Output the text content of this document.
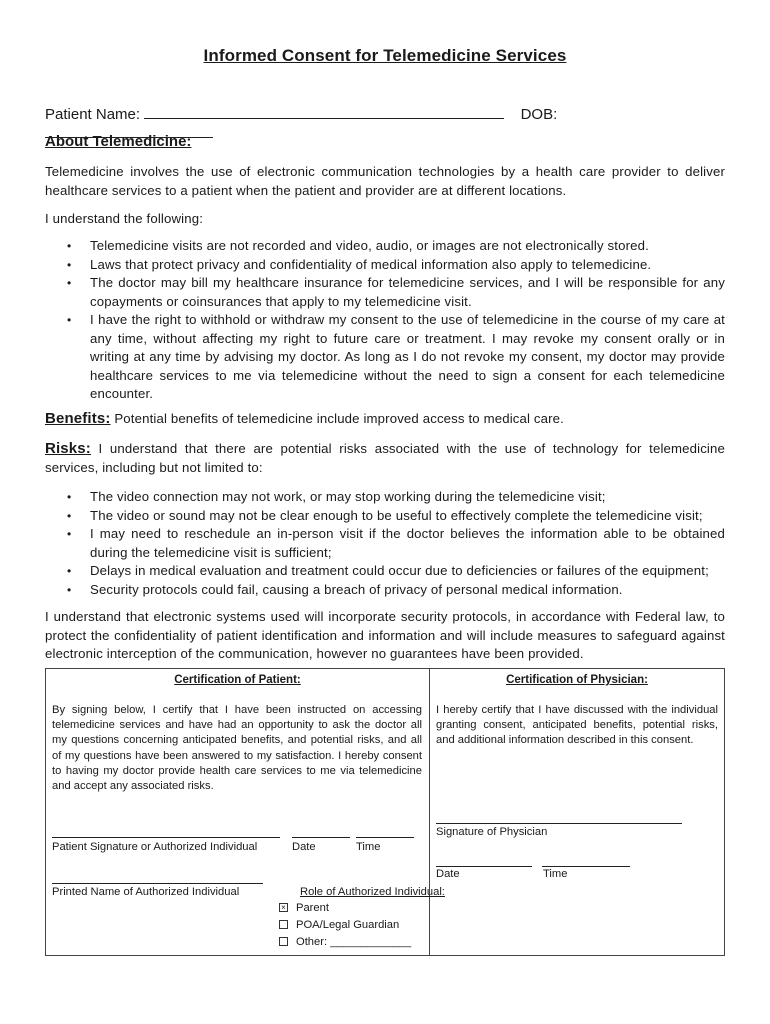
Informed Consent for Telemedicine Services
Patient Name:	DOB:
About Telemedicine:
Telemedicine involves the use of electronic communication technologies by a health care provider to deliver healthcare services to a patient when the patient and provider are at different locations.
I understand the following:
• Telemedicine visits are not recorded and video, audio, or images are not electronically stored.
• Laws that protect privacy and confidentiality of medical information also apply to telemedicine.
• The doctor may bill my healthcare insurance for telemedicine services, and I will be responsible for any copayments or coinsurances that apply to my telemedicine visit.
• I have the right to withhold or withdraw my consent to the use of telemedicine in the course of my care at any time, without affecting my right to future care or treatment. I may revoke my consent orally or in writing at any time by advising my doctor. As long as I do not revoke my consent, my doctor may provide healthcare services to me via telemedicine without the need to sign a consent for each telemedicine encounter.
Benefits: Potential benefits of telemedicine include improved access to medical care.
Risks: I understand that there are potential risks associated with the use of technology for telemedicine services, including but not limited to:
• The video connection may not work, or may stop working during the telemedicine visit;
• The video or sound may not be clear enough to be useful to effectively complete the telemedicine visit;
• I may need to reschedule an in-person visit if the doctor believes the information able to be obtained during the telemedicine visit is sufficient;
• Delays in medical evaluation and treatment could occur due to deficiencies or failures of the equipment;
• Security protocols could fail, causing a breach of privacy of personal medical information.
I understand that electronic systems used will incorporate security protocols, in accordance with Federal law, to protect the confidentiality of patient identification and information and will include measures to safeguard against electronic interception of the communication, however no guarantees have been provided.
Certification of Patient:
By signing below, I certify that I have been instructed on accessing telemedicine services and have had an opportunity to ask the doctor all my questions concerning anticipated benefits, and potential risks, and all of my questions have been answered to my satisfaction. I hereby consent to having my doctor provide health care services to me via telemedicine and accept any associated risks.
Patient Signature or Authorized Individual	Date	Time
Printed Name of Authorized Individual	Role of Authorized Individual:
× Parent
POA/Legal Guardian
Other: _____________
Certification of Physician:
I hereby certify that I have discussed with the individual granting consent, anticipated benefits, potential risks, and additional information described in this consent.
Signature of Physician
Date	Time
